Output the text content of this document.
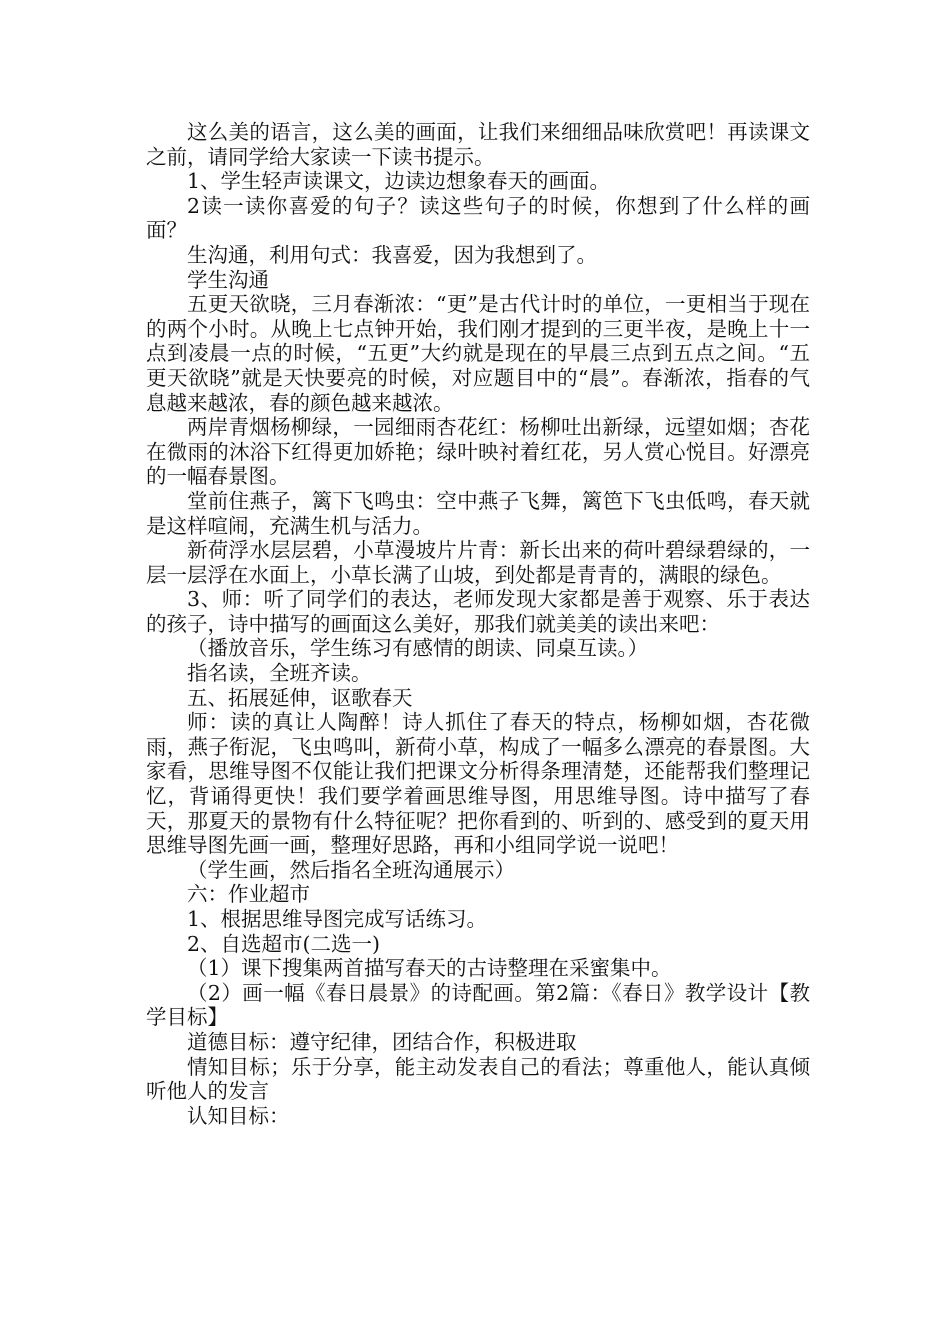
这么美的语言，这么美的画面，让我们来细细品味欣赏吧！再读课文之前，请同学给大家读一下读书提示。

1、学生轻声读课文，边读边想象春天的画面。

2读一读你喜爱的句子？读这些句子的时候，你想到了什么样的画面？

生沟通，利用句式：我喜爱，因为我想到了。

学生沟通

五更天欲晓，三月春渐浓：“更”是古代计时的单位，一更相当于现在的两个小时。从晚上七点钟开始，我们刚才提到的三更半夜，是晚上十一点到凌晨一点的时候，“五更”大约就是现在的早晨三点到五点之间。“五更天欲晓”就是天快要亮的时候，对应题目中的“晨”。春渐浓，指春的气息越来越浓，春的颜色越来越浓。

两岸青烟杨柳绿，一园细雨杏花红：杨柳吐出新绿，远望如烟；杏花在微雨的沐浴下红得更加娇艳；绿叶映衬着红花，另人赏心悦目。好漂亮的一幅春景图。

堂前住燕子，篱下飞鸣虫：空中燕子飞舞，篱笆下飞虫低鸣，春天就是这样喧闹，充满生机与活力。

新荷浮水层层碧，小草漫坡片片青：新长出来的荷叶碧绿碧绿的，一层一层浮在水面上，小草长满了山坡，到处都是青青的，满眼的绿色。

3、师：听了同学们的表达，老师发现大家都是善于观察、乐于表达的孩子，诗中描写的画面这么美好，那我们就美美的读出来吧：

（播放音乐，学生练习有感情的朗读、同桌互读。）

指名读，全班齐读。

五、拓展延伸，讴歌春天

师：读的真让人陶醉！诗人抓住了春天的特点，杨柳如烟，杏花微雨，燕子衔泥，飞虫鸣叫，新荷小草，构成了一幅多么漂亮的春景图。大家看，思维导图不仅能让我们把课文分析得条理清楚，还能帮我们整理记忆，背诵得更快！我们要学着画思维导图，用思维导图。诗中描写了春天，那夏天的景物有什么特征呢？把你看到的、听到的、感受到的夏天用思维导图先画一画，整理好思路，再和小组同学说一说吧！

（学生画，然后指名全班沟通展示）

六：作业超市

1、根据思维导图完成写话练习。

2、自选超市(二选一)

（1）课下搜集两首描写春天的古诗整理在采蜜集中。

（2）画一幅《春日晨景》的诗配画。第2篇：《春日》教学设计【教学目标】

道德目标：遵守纪律，团结合作，积极进取

情知目标；乐于分享，能主动发表自己的看法；尊重他人，能认真倾听他人的发言

认知目标：
